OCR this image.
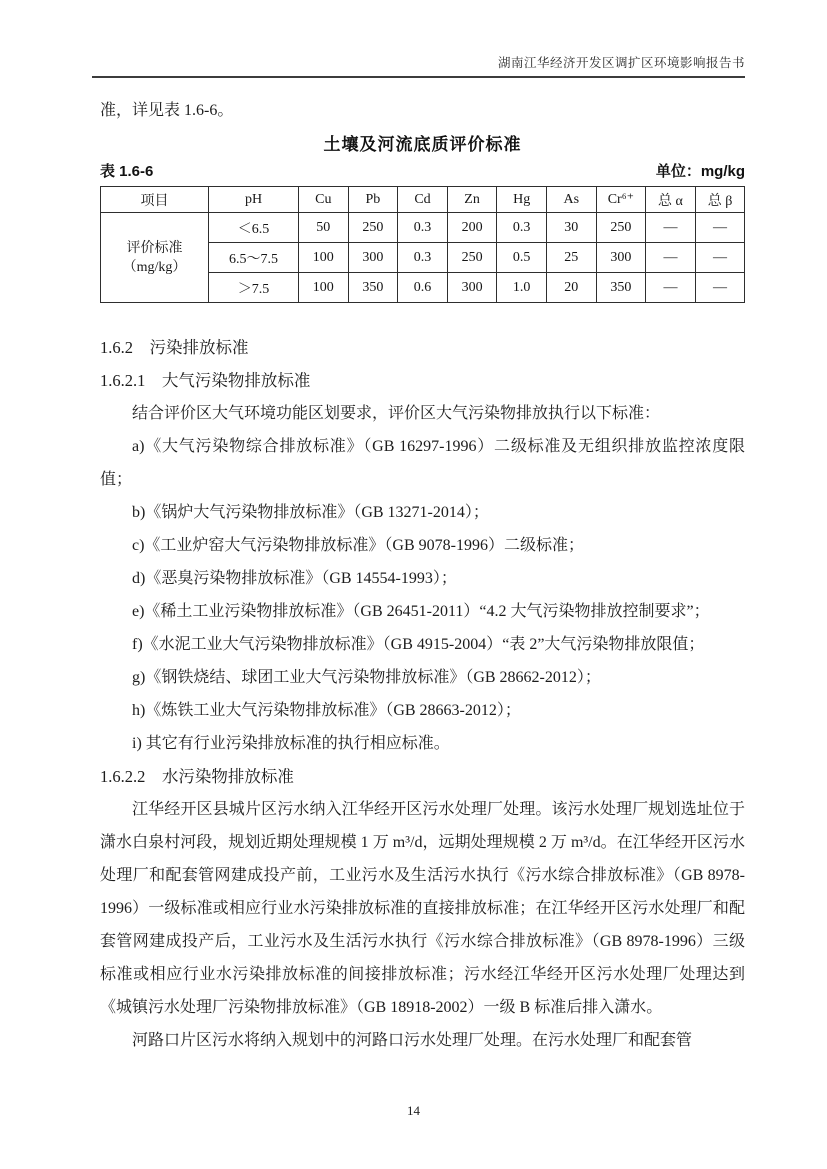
湖南江华经济开发区调扩区环境影响报告书

准，详见表 1.6-6。

土壤及河流底质评价标准
表 1.6-6	单位：mg/kg
项目	pH	Cu	Pb	Cd	Zn	Hg	As	Cr⁶⁺	总 α	总 β

评价标准
（mg/kg）	＜6.5	50	250	0.3	200	0.3	30	250	—	—
	6.5～7.5	100	300	0.3	250	0.5	25	300	—	—
	＞7.5	100	350	0.6	300	1.0	20	350	—	—
1.6.2　污染排放标准
1.6.2.1　大气污染物排放标准

结合评价区大气环境功能区划要求，评价区大气污染物排放执行以下标准：

a)《大气污染物综合排放标准》（GB 16297-1996）二级标准及无组织排放监控浓度限值；

b)《锅炉大气污染物排放标准》（GB 13271-2014）；

c)《工业炉窑大气污染物排放标准》（GB 9078-1996）二级标准；

d)《恶臭污染物排放标准》（GB 14554-1993）；

e)《稀土工业污染物排放标准》（GB 26451-2011）“4.2 大气污染物排放控制要求”；

f)《水泥工业大气污染物排放标准》（GB 4915-2004）“表 2”大气污染物排放限值；

g)《钢铁烧结、球团工业大气污染物排放标准》（GB 28662-2012）；

h)《炼铁工业大气污染物排放标准》（GB 28663-2012）；

i) 其它有行业污染排放标准的执行相应标准。

1.6.2.2　水污染物排放标准

江华经开区县城片区污水纳入江华经开区污水处理厂处理。该污水处理厂规划选址位于潇水白泉村河段，规划近期处理规模 1 万 m³/d，远期处理规模 2 万 m³/d。在江华经开区污水处理厂和配套管网建成投产前，工业污水及生活污水执行《污水综合排放标准》（GB 8978-1996）一级标准或相应行业水污染排放标准的直接排放标准；在江华经开区污水处理厂和配套管网建成投产后，工业污水及生活污水执行《污水综合排放标准》（GB 8978-1996）三级标准或相应行业水污染排放标准的间接排放标准；污水经江华经开区污水处理厂处理达到《城镇污水处理厂污染物排放标准》（GB 18918-2002）一级 B 标准后排入潇水。

河路口片区污水将纳入规划中的河路口污水处理厂处理。在污水处理厂和配套管

14
